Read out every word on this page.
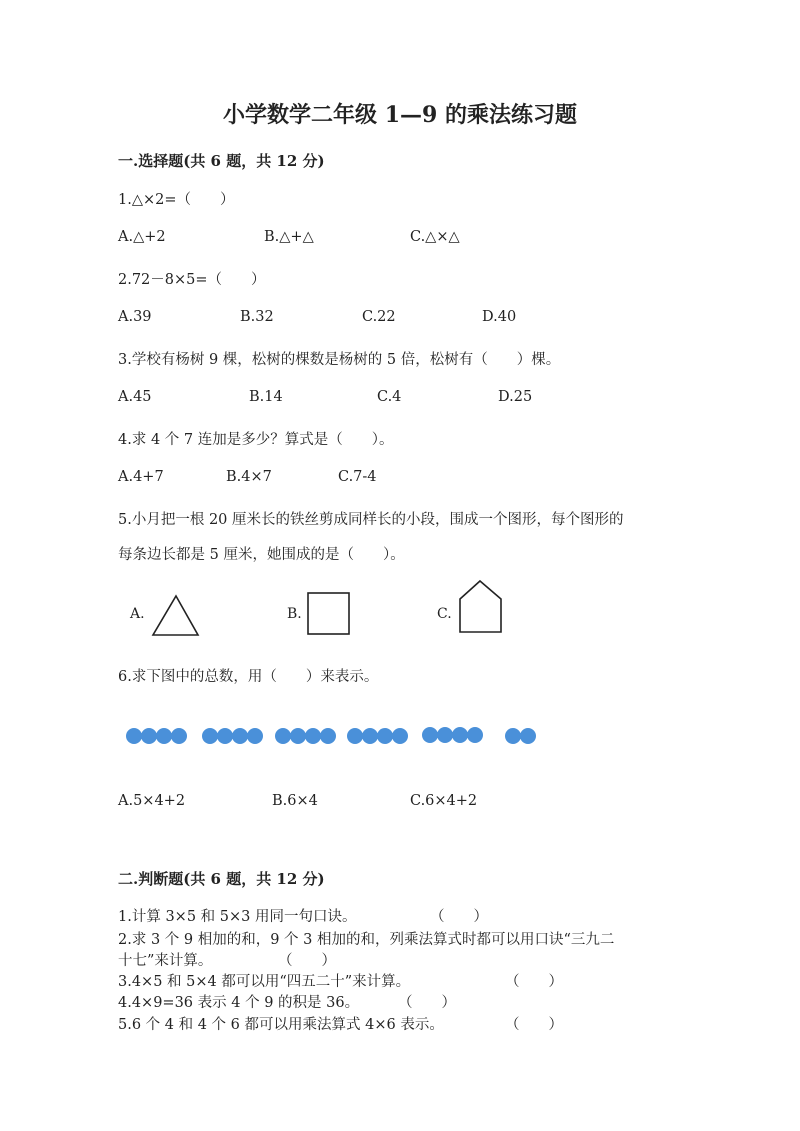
小学数学二年级 1—9 的乘法练习题
一.选择题(共 6 题，共 12 分)
1.△×2=（　　）
A.△+2	B.△+△	C.△×△
2.72－8×5=（　　）
A.39	B.32	C.22	D.40
3.学校有杨树 9 棵，松树的棵数是杨树的 5 倍，松树有（　　）棵。
A.45	B.14	C.4	D.25
4.求 4 个 7 连加是多少？算式是（　　）。
A.4+7	B.4×7	C.7-4
5.小月把一根 20 厘米长的铁丝剪成同样长的小段，围成一个图形，每个图形的
每条边长都是 5 厘米，她围成的是（　　）。
A.	B.	C.
6.求下图中的总数，用（　　）来表示。
A.5×4+2	B.6×4	C.6×4+2
二.判断题(共 6 题，共 12 分)
1.计算 3×5 和 5×3 用同一句口诀。	（　　）
2.求 3 个 9 相加的和，9 个 3 相加的和，列乘法算式时都可以用口诀“三九二
十七”来计算。	（　　）
3.4×5 和 5×4 都可以用“四五二十”来计算。	（　　）
4.4×9=36 表示 4 个 9 的积是 36。	（　　）
5.6 个 4 和 4 个 6 都可以用乘法算式 4×6 表示。	（　　）
